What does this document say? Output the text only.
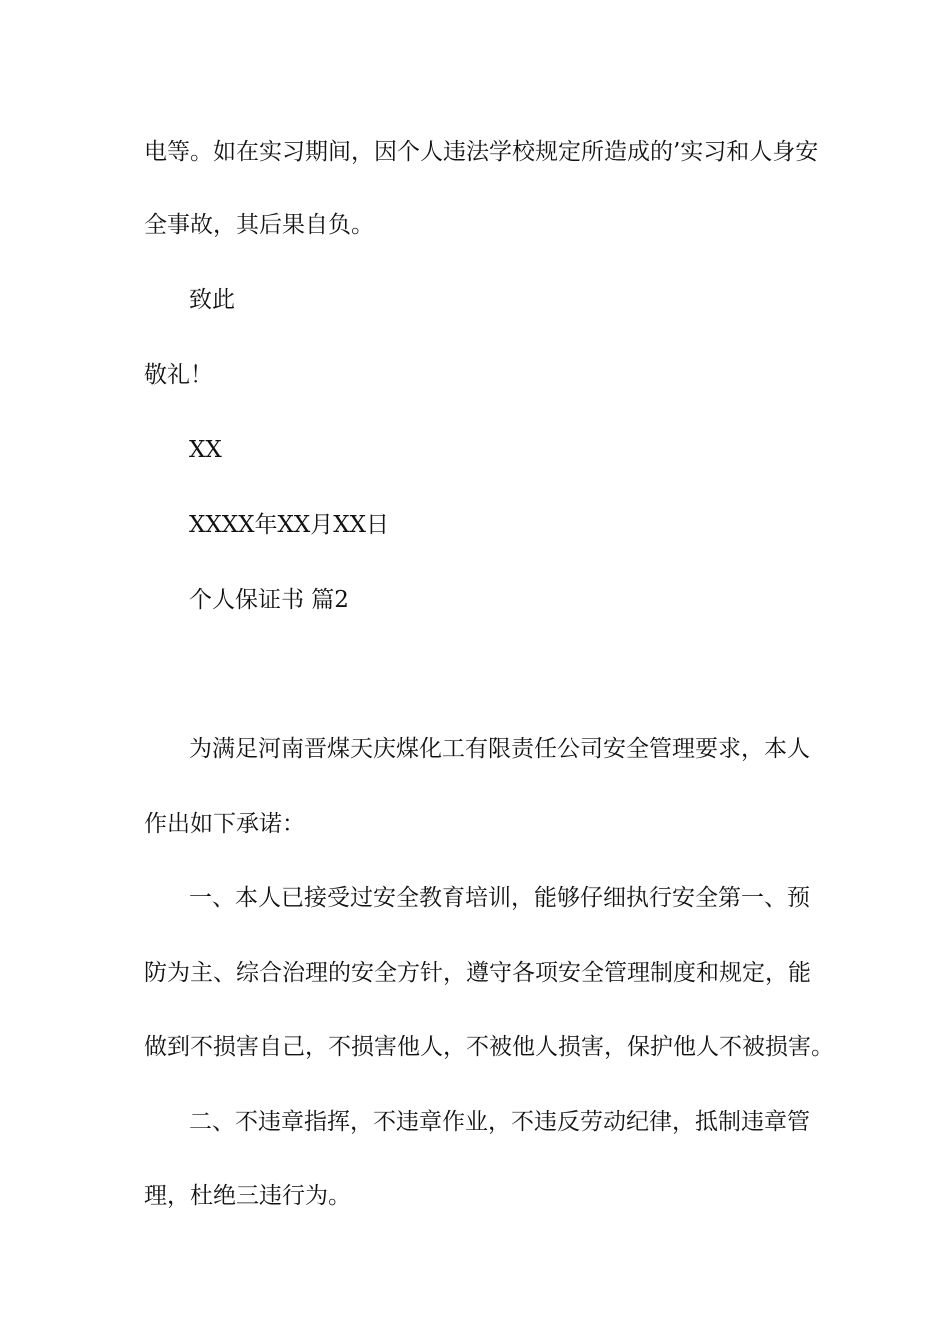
电等。如在实习期间，因个人违法学校规定所造成的’实习和人身安

全事故，其后果自负。

致此

敬礼！

XX

XXXX年XX月XX日

个人保证书 篇2

为满足河南晋煤天庆煤化工有限责任公司安全管理要求，本人

作出如下承诺：

一、本人已接受过安全教育培训，能够仔细执行安全第一、预

防为主、综合治理的安全方针，遵守各项安全管理制度和规定，能

做到不损害自己，不损害他人，不被他人损害，保护他人不被损害。

二、不违章指挥，不违章作业，不违反劳动纪律，抵制违章管

理，杜绝三违行为。
